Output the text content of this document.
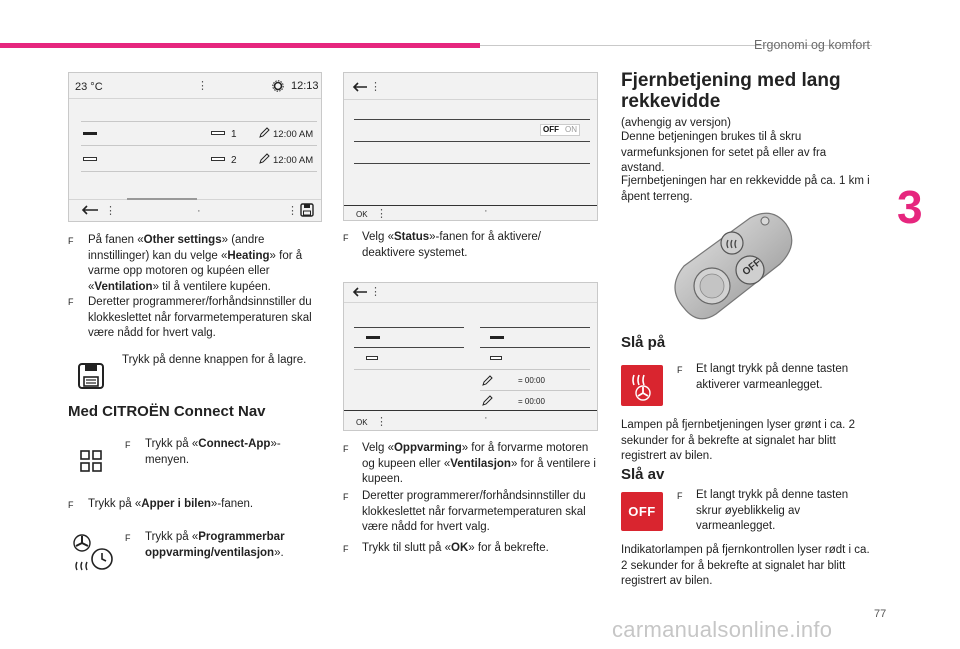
Ergonomi og komfort
3
77
carmanualsonline.info
23 °C	⋮	12:13
1	12:00 AM
2	12:00 AM
⋮	·	⋮
På fanen «Other settings» (andre innstillinger) kan du velge «Heating» for å varme opp motoren og kupéen eller «Ventilation» til å ventilere kupéen.
F
Deretter programmerer/forhåndsinnstiller du klokkeslettet når forvarmetemperaturen skal være nådd for hvert valg.
F
Trykk på denne knappen for å lagre.
Med CITROËN Connect Nav
F Trykk på «Connect-App»-menyen.
F Trykk på «Apper i bilen»-fanen.
F Trykk på «Programmerbar oppvarming/ventilasjon».
⋮
OFF ON
OK ⋮	·
F Velg «Status»-fanen for å aktivere/ deaktivere systemet.
⋮
= 00:00
= 00:00
OK ⋮	·
F Velg «Oppvarming» for å forvarme motoren og kupeen eller «Ventilasjon» for å ventilere i kupeen.
F Deretter programmerer/forhåndsinnstiller du klokkeslettet når forvarmetemperaturen skal være nådd for hvert valg.
F Trykk til slutt på «OK» for å bekrefte.
Fjernbetjening med lang rekkevidde
(avhengig av versjon)
Denne betjeningen brukes til å skru varmefunksjonen for setet på eller av fra avstand.
Fjernbetjeningen har en rekkevidde på ca. 1 km i åpent terreng.
OFF
Slå på
F Et langt trykk på denne tasten aktiverer varmeanlegget.
Lampen på fjernbetjeningen lyser grønt i ca. 2 sekunder for å bekrefte at signalet har blitt registrert av bilen.
Slå av
OFF
F Et langt trykk på denne tasten skrur øyeblikkelig av varmeanlegget.
Indikatorlampen på fjernkontrollen lyser rødt i ca. 2 sekunder for å bekrefte at signalet har blitt registrert av bilen.
